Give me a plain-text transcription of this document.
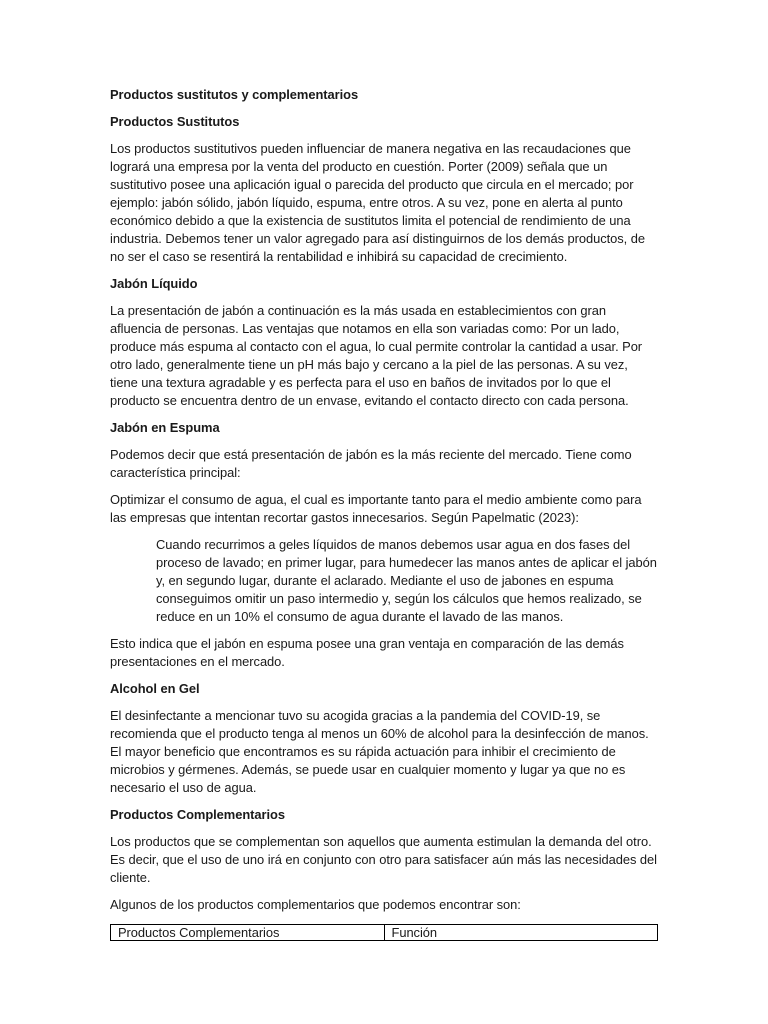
Productos sustitutos y complementarios

Productos Sustitutos

Los productos sustitutivos pueden influenciar de manera negativa en las recaudaciones que logrará una empresa por la venta del producto en cuestión. Porter (2009) señala que un sustitutivo posee una aplicación igual o parecida del producto que circula en el mercado; por ejemplo: jabón sólido, jabón líquido, espuma, entre otros. A su vez, pone en alerta al punto económico debido a que la existencia de sustitutos limita el potencial de rendimiento de una industria. Debemos tener un valor agregado para así distinguirnos de los demás productos, de no ser el caso se resentirá la rentabilidad e inhibirá su capacidad de crecimiento.

Jabón Líquido

La presentación de jabón a continuación es la más usada en establecimientos con gran afluencia de personas. Las ventajas que notamos en ella son variadas como: Por un lado, produce más espuma al contacto con el agua, lo cual permite controlar la cantidad a usar. Por otro lado, generalmente tiene un pH más bajo y cercano a la piel de las personas. A su vez, tiene una textura agradable y es perfecta para el uso en baños de invitados por lo que el producto se encuentra dentro de un envase, evitando el contacto directo con cada persona.

Jabón en Espuma

Podemos decir que está presentación de jabón es la más reciente del mercado. Tiene como característica principal:

Optimizar el consumo de agua, el cual es importante tanto para el medio ambiente como para las empresas que intentan recortar gastos innecesarios. Según Papelmatic (2023):

Cuando recurrimos a geles líquidos de manos debemos usar agua en dos fases del proceso de lavado; en primer lugar, para humedecer las manos antes de aplicar el jabón y, en segundo lugar, durante el aclarado. Mediante el uso de jabones en espuma conseguimos omitir un paso intermedio y, según los cálculos que hemos realizado, se reduce en un 10% el consumo de agua durante el lavado de las manos.

Esto indica que el jabón en espuma posee una gran ventaja en comparación de las demás presentaciones en el mercado.

Alcohol en Gel

El desinfectante a mencionar tuvo su acogida gracias a la pandemia del COVID-19, se recomienda que el producto tenga al menos un 60% de alcohol para la desinfección de manos. El mayor beneficio que encontramos es su rápida actuación para inhibir el crecimiento de microbios y gérmenes. Además, se puede usar en cualquier momento y lugar ya que no es necesario el uso de agua.

Productos Complementarios

Los productos que se complementan son aquellos que aumenta estimulan la demanda del otro. Es decir, que el uso de uno irá en conjunto con otro para satisfacer aún más las necesidades del cliente.

Algunos de los productos complementarios que podemos encontrar son:

Productos Complementarios	Función
